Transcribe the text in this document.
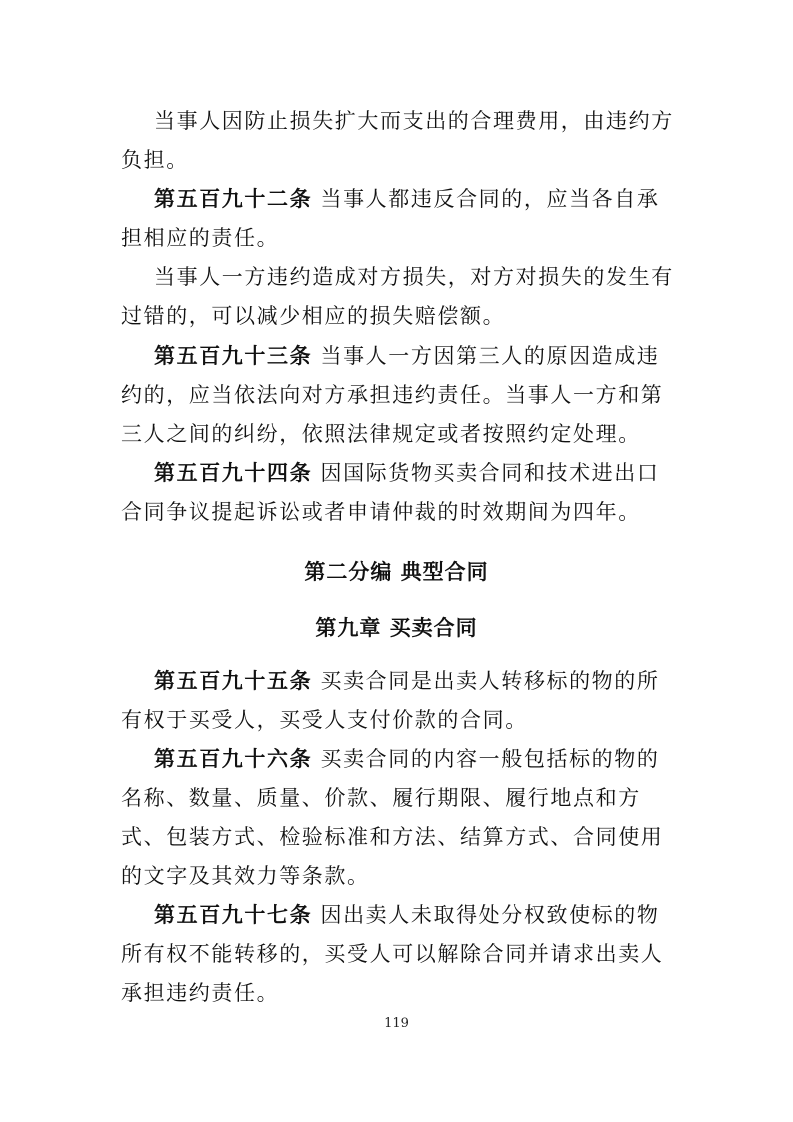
当事人因防止损失扩大而支出的合理费用，由违约方负担。

第五百九十二条 当事人都违反合同的，应当各自承担相应的责任。

当事人一方违约造成对方损失，对方对损失的发生有过错的，可以减少相应的损失赔偿额。

第五百九十三条 当事人一方因第三人的原因造成违约的，应当依法向对方承担违约责任。当事人一方和第三人之间的纠纷，依照法律规定或者按照约定处理。

第五百九十四条 因国际货物买卖合同和技术进出口合同争议提起诉讼或者申请仲裁的时效期间为四年。

第二分编 典型合同
第九章 买卖合同

第五百九十五条 买卖合同是出卖人转移标的物的所有权于买受人，买受人支付价款的合同。

第五百九十六条 买卖合同的内容一般包括标的物的名称、数量、质量、价款、履行期限、履行地点和方式、包装方式、检验标准和方法、结算方式、合同使用的文字及其效力等条款。

第五百九十七条 因出卖人未取得处分权致使标的物所有权不能转移的，买受人可以解除合同并请求出卖人承担违约责任。

119
